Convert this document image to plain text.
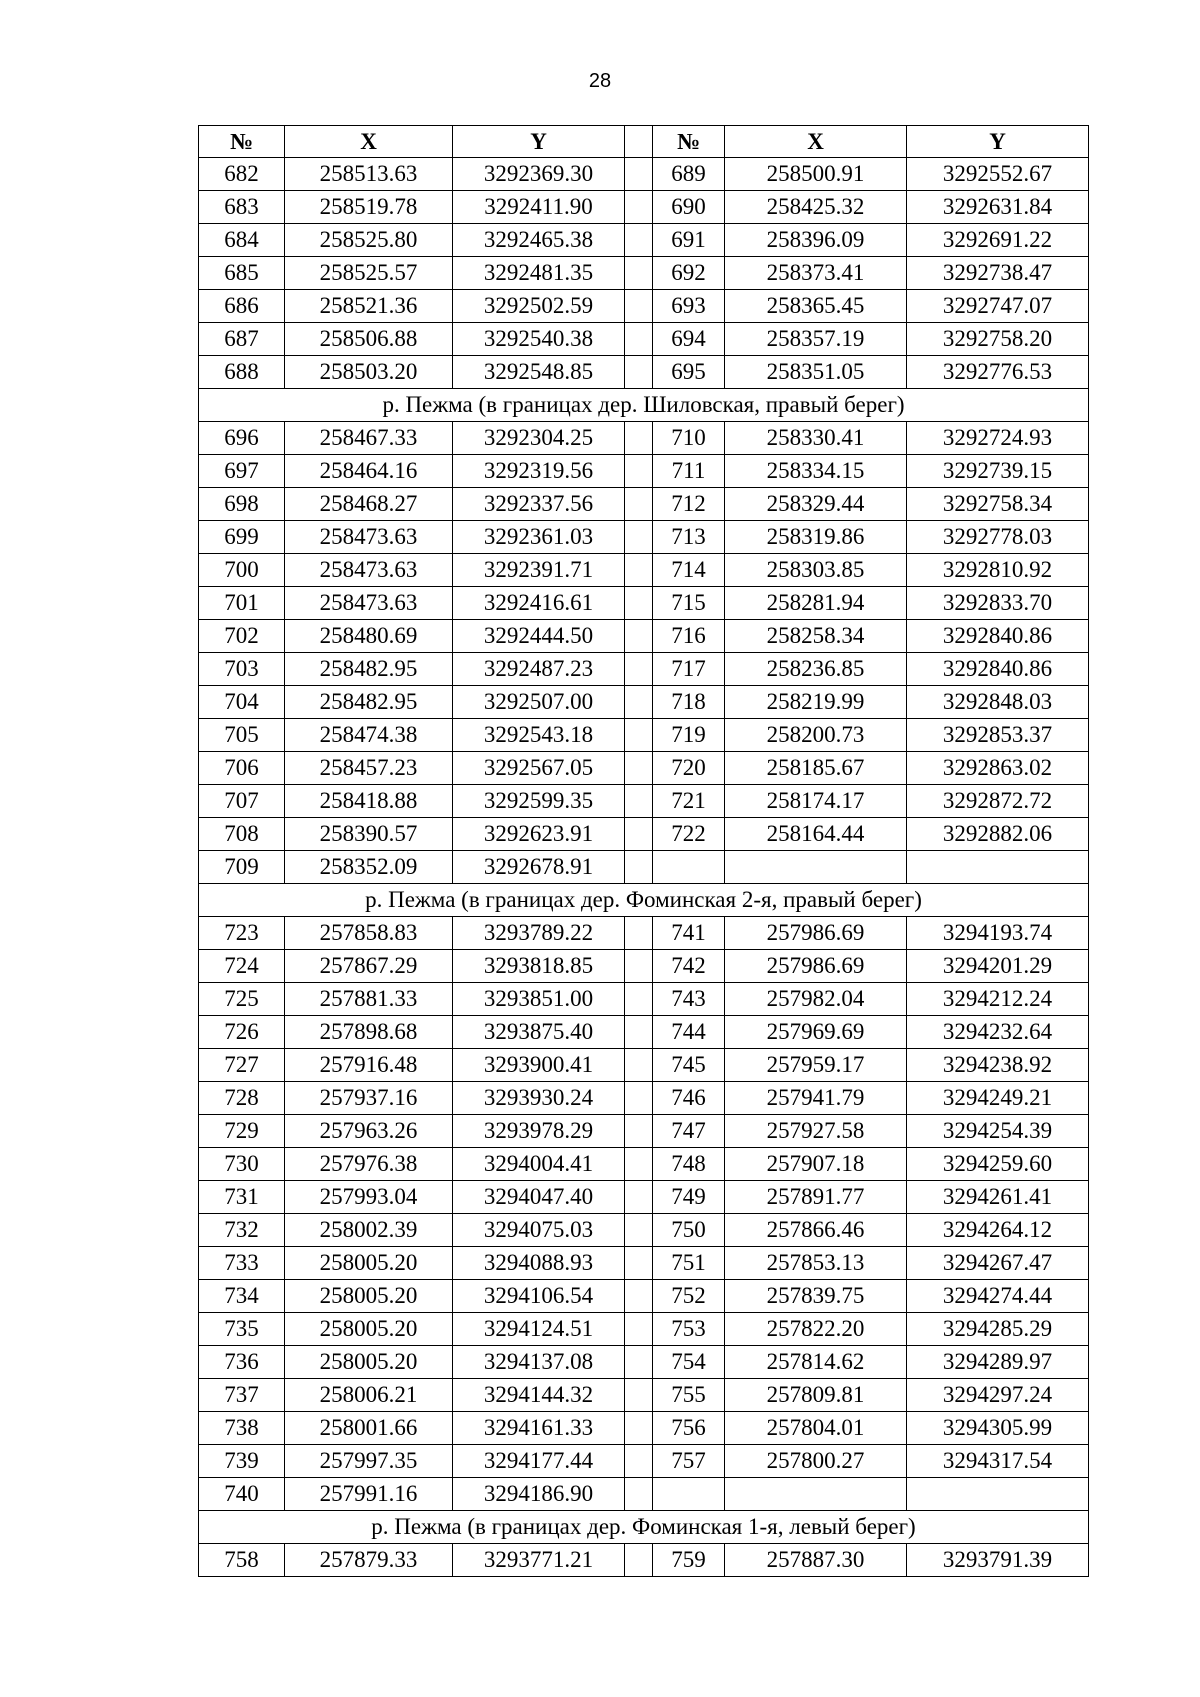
28
№	X	Y		№	X	Y
682	258513.63	3292369.30		689	258500.91	3292552.67
683	258519.78	3292411.90		690	258425.32	3292631.84
684	258525.80	3292465.38		691	258396.09	3292691.22
685	258525.57	3292481.35		692	258373.41	3292738.47
686	258521.36	3292502.59		693	258365.45	3292747.07
687	258506.88	3292540.38		694	258357.19	3292758.20
688	258503.20	3292548.85		695	258351.05	3292776.53
р. Пежма (в границах дер. Шиловская, правый берег)						
696	258467.33	3292304.25		710	258330.41	3292724.93
697	258464.16	3292319.56		711	258334.15	3292739.15
698	258468.27	3292337.56		712	258329.44	3292758.34
699	258473.63	3292361.03		713	258319.86	3292778.03
700	258473.63	3292391.71		714	258303.85	3292810.92
701	258473.63	3292416.61		715	258281.94	3292833.70
702	258480.69	3292444.50		716	258258.34	3292840.86
703	258482.95	3292487.23		717	258236.85	3292840.86
704	258482.95	3292507.00		718	258219.99	3292848.03
705	258474.38	3292543.18		719	258200.73	3292853.37
706	258457.23	3292567.05		720	258185.67	3292863.02
707	258418.88	3292599.35		721	258174.17	3292872.72
708	258390.57	3292623.91		722	258164.44	3292882.06
709	258352.09	3292678.91				
р. Пежма (в границах дер. Фоминская 2-я, правый берег)						
723	257858.83	3293789.22		741	257986.69	3294193.74
724	257867.29	3293818.85		742	257986.69	3294201.29
725	257881.33	3293851.00		743	257982.04	3294212.24
726	257898.68	3293875.40		744	257969.69	3294232.64
727	257916.48	3293900.41		745	257959.17	3294238.92
728	257937.16	3293930.24		746	257941.79	3294249.21
729	257963.26	3293978.29		747	257927.58	3294254.39
730	257976.38	3294004.41		748	257907.18	3294259.60
731	257993.04	3294047.40		749	257891.77	3294261.41
732	258002.39	3294075.03		750	257866.46	3294264.12
733	258005.20	3294088.93		751	257853.13	3294267.47
734	258005.20	3294106.54		752	257839.75	3294274.44
735	258005.20	3294124.51		753	257822.20	3294285.29
736	258005.20	3294137.08		754	257814.62	3294289.97
737	258006.21	3294144.32		755	257809.81	3294297.24
738	258001.66	3294161.33		756	257804.01	3294305.99
739	257997.35	3294177.44		757	257800.27	3294317.54
740	257991.16	3294186.90				
р. Пежма (в границах дер. Фоминская 1-я, левый берег)						
758	257879.33	3293771.21		759	257887.30	3293791.39
